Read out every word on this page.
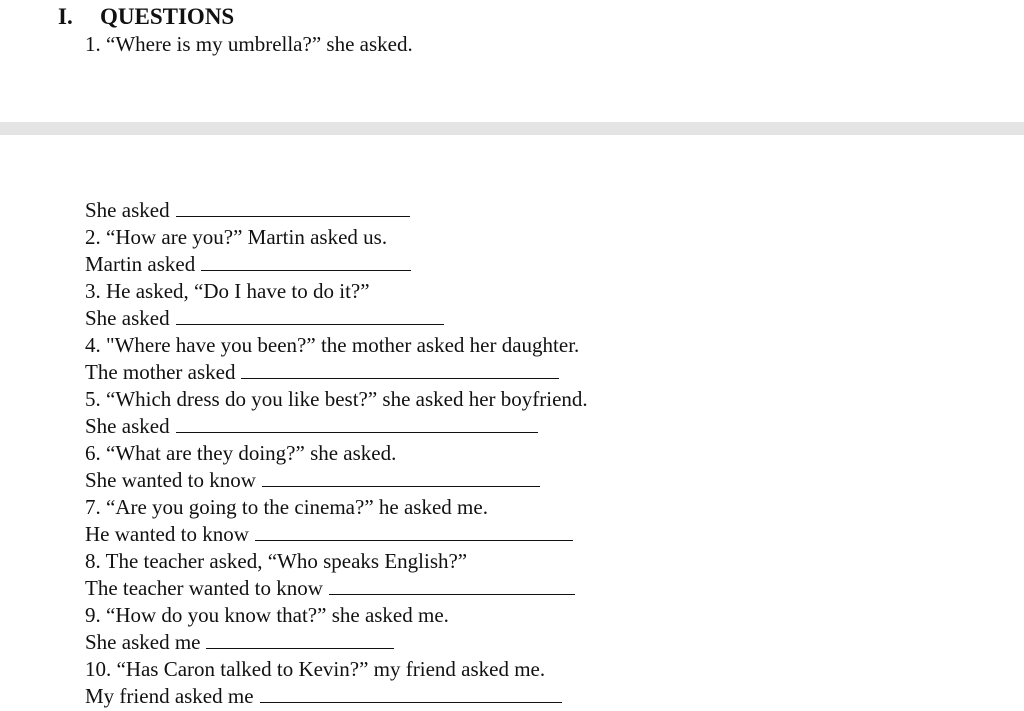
I. QUESTIONS
1. “Where is my umbrella?” she asked.
She asked
2. “How are you?” Martin asked us.
Martin asked
3. He asked, “Do I have to do it?”
She asked
4. "Where have you been?” the mother asked her daughter.
The mother asked
5. “Which dress do you like best?” she asked her boyfriend.
She asked
6. “What are they doing?” she asked.
She wanted to know
7. “Are you going to the cinema?” he asked me.
He wanted to know
8. The teacher asked, “Who speaks English?”
The teacher wanted to know
9. “How do you know that?” she asked me.
She asked me
10. “Has Caron talked to Kevin?” my friend asked me.
My friend asked me
